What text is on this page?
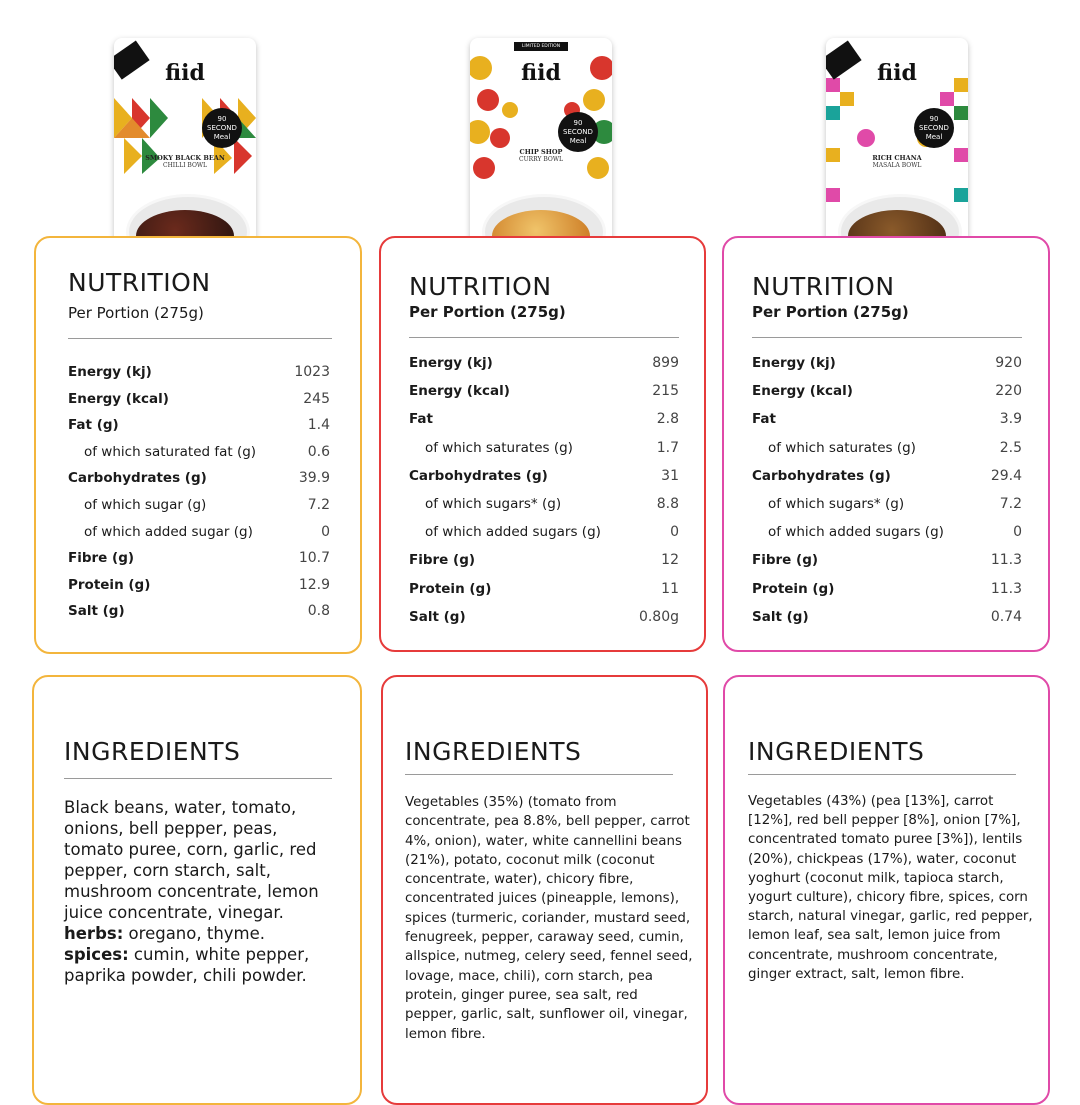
fiid
90
SECOND
Meal
SMOKY BLACK BEAN
CHILLI BOWL
LIMITED EDITION
fiid
90
SECOND
Meal
CHIP SHOP
CURRY BOWL
fiid
90
SECOND
Meal
RICH CHANA
MASALA BOWL
NUTRITION
Per Portion (275g)
Energy (kj)	1023
Energy (kcal)	245
Fat (g)	1.4
of which saturated fat (g)	0.6
Carbohydrates (g)	39.9
of which sugar (g)	7.2
of which added sugar (g)	0
Fibre (g)	10.7
Protein (g)	12.9
Salt (g)	0.8
NUTRITION
Per Portion (275g)
Energy (kj)	899
Energy (kcal)	215
Fat	2.8
of which saturates (g)	1.7
Carbohydrates (g)	31
of which sugars* (g)	8.8
of which added sugars (g)	0
Fibre (g)	12
Protein (g)	11
Salt (g)	0.80g
NUTRITION
Per Portion (275g)
Energy (kj)	920
Energy (kcal)	220
Fat	3.9
of which saturates (g)	2.5
Carbohydrates (g)	29.4
of which sugars* (g)	7.2
of which added sugars (g)	0
Fibre (g)	11.3
Protein (g)	11.3
Salt (g)	0.74
INGREDIENTS
Black beans, water, tomato, onions, bell pepper, peas, tomato puree, corn, garlic, red pepper, corn starch, salt, mushroom concentrate, lemon juice concentrate, vinegar. herbs: oregano, thyme. spices: cumin, white pepper, paprika powder, chili powder.
INGREDIENTS
Vegetables (35%) (tomato from concentrate, pea 8.8%, bell pepper, carrot 4%, onion), water, white cannellini beans (21%), potato, coconut milk (coconut concentrate, water), chicory fibre, concentrated juices (pineapple, lemons), spices (turmeric, coriander, mustard seed, fenugreek, pepper, caraway seed, cumin, allspice, nutmeg, celery seed, fennel seed, lovage, mace, chili), corn starch, pea protein, ginger puree, sea salt, red pepper, garlic, salt, sunflower oil, vinegar, lemon fibre.
INGREDIENTS
Vegetables (43%) (pea [13%], carrot [12%], red bell pepper [8%], onion [7%], concentrated tomato puree [3%]), lentils (20%), chickpeas (17%), water, coconut yoghurt (coconut milk, tapioca starch, yogurt culture), chicory fibre, spices, corn starch, natural vinegar, garlic, red pepper, lemon leaf, sea salt, lemon juice from concentrate, mushroom concentrate, ginger extract, salt, lemon fibre.
